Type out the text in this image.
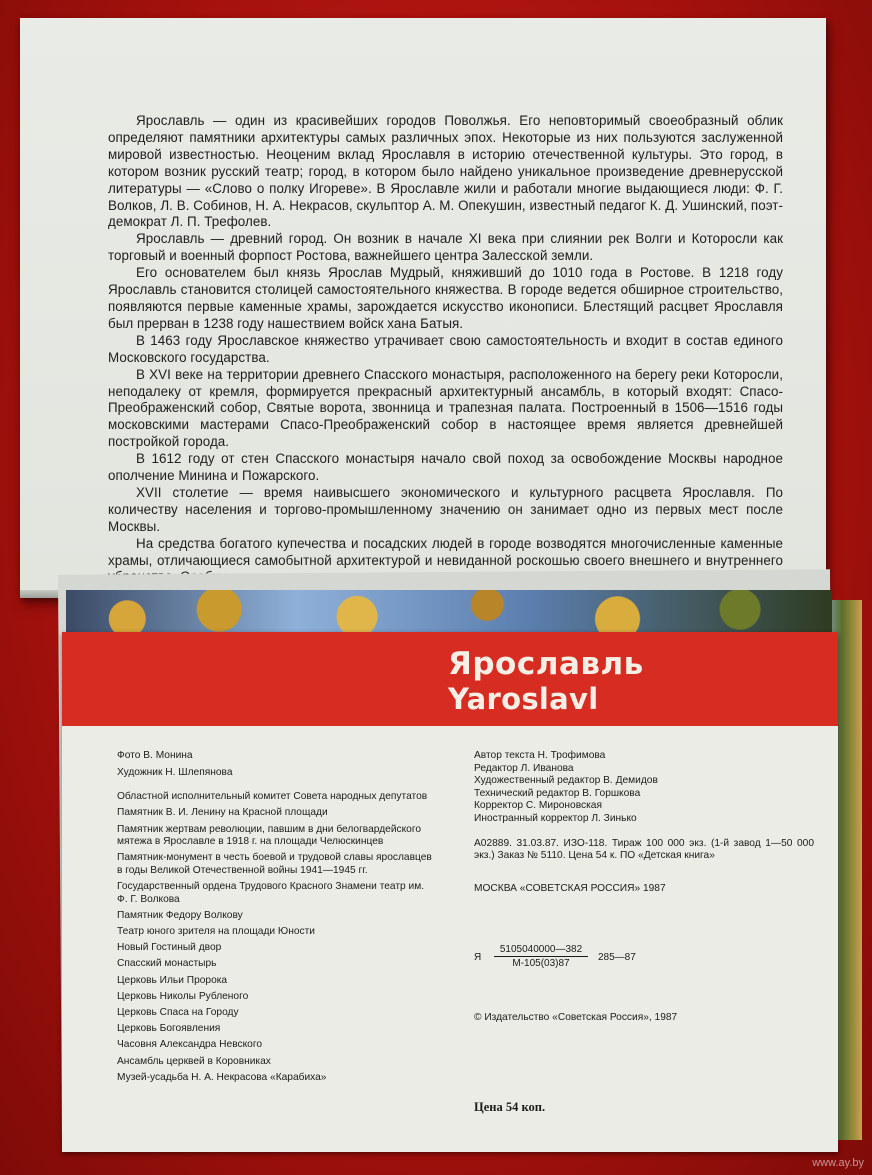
Ярославль — один из красивейших городов Поволжья. Его неповторимый своеобразный облик определяют памятники архитектуры самых различных эпох. Некоторые из них пользуются заслуженной мировой известностью. Неоценим вклад Ярославля в историю отечественной культуры. Это город, в котором возник русский театр; город, в котором было найдено уникальное произведение древнерусской литературы — «Слово о полку Игореве». В Ярославле жили и работали многие выдающиеся люди: Ф. Г. Волков, Л. В. Собинов, Н. А. Некрасов, скульптор А. М. Опекушин, известный педагог К. Д. Ушинский, поэт-демократ Л. П. Трефолев.

Ярославль — древний город. Он возник в начале XI века при слиянии рек Волги и Которосли как торговый и военный форпост Ростова, важнейшего центра Залесской земли.

Его основателем был князь Ярослав Мудрый, княживший до 1010 года в Ростове. В 1218 году Ярославль становится столицей самостоятельного княжества. В городе ведется обширное строительство, появляются первые каменные храмы, зарождается искусство иконописи. Блестящий расцвет Ярославля был прерван в 1238 году нашествием войск хана Батыя.

В 1463 году Ярославское княжество утрачивает свою самостоятельность и входит в состав единого Московского государства.

В XVI веке на территории древнего Спасского монастыря, расположенного на берегу реки Которосли, неподалеку от кремля, формируется прекрасный архитектурный ансамбль, в который входят: Спасо-Преображенский собор, Святые ворота, звонница и трапезная палата. Построенный в 1506—1516 годы московскими мастерами Спасо-Преображенский собор в настоящее время является древнейшей постройкой города.

В 1612 году от стен Спасского монастыря начало свой поход за освобождение Москвы народное ополчение Минина и Пожарского.

XVII столетие — время наивысшего экономического и культурного расцвета Ярославля. По количеству населения и торгово-промышленному значению он занимает одно из первых мест после Москвы.

На средства богатого купечества и посадских людей в городе возводятся многочисленные каменные храмы, отличающиеся самобытной архитектурой и невиданной роскошью своего внешнего и внутреннего

Ярославль
Yaroslavl
Фото В. Монина
Художник Н. Шлепянова
Областной исполнительный комитет Совета народных депутатов
Памятник В. И. Ленину на Красной площади
Памятник жертвам революции, павшим в дни белогвардейского мятежа в Ярославле в 1918 г. на площади Челюскинцев
Памятник-монумент в честь боевой и трудовой славы ярославцев в годы Великой Отечественной войны 1941—1945 гг.
Государственный ордена Трудового Красного Знамени театр им. Ф. Г. Волкова
Памятник Федору Волкову
Театр юного зрителя на площади Юности
Новый Гостиный двор
Спасский монастырь
Церковь Ильи Пророка
Церковь Николы Рубленого
Церковь Спаса на Городу
Церковь Богоявления
Часовня Александра Невского
Ансамбль церквей в Коровниках
Музей-усадьба Н. А. Некрасова «Карабиха»
Автор текста Н. Трофимова
Редактор Л. Иванова
Художественный редактор В. Демидов
Технический редактор В. Горшкова
Корректор С. Мироновская
Иностранный корректор Л. Зинько
А02889. 31.03.87. ИЗО-118. Тираж 100 000 экз. (1-й завод 1—50 000 экз.) Заказ № 5110. Цена 54 к. ПО «Детская книга»
МОСКВА «СОВЕТСКАЯ РОССИЯ» 1987
Я
5105040000—382
М-105(03)87
285—87
© Издательство «Советская Россия», 1987
Цена 54 коп.
www.ay.by
